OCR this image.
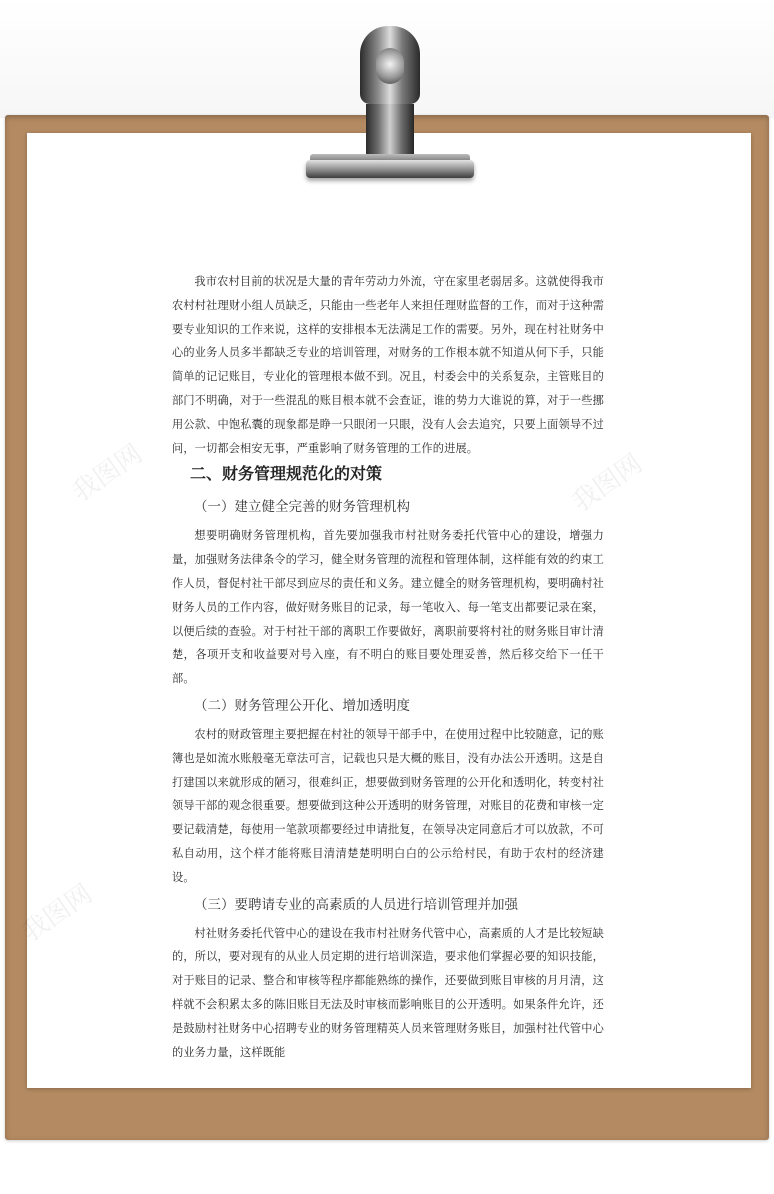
我图网	我图网
我图网

我市农村目前的状况是大量的青年劳动力外流，守在家里老弱居多。这就使得我市农村村社理财小组人员缺乏，只能由一些老年人来担任理财监督的工作，而对于这种需要专业知识的工作来说，这样的安排根本无法满足工作的需要。另外，现在村社财务中心的业务人员多半都缺乏专业的培训管理，对财务的工作根本就不知道从何下手，只能简单的记记账目，专业化的管理根本做不到。况且，村委会中的关系复杂，主管账目的部门不明确，对于一些混乱的账目根本就不会查证，谁的势力大谁说的算，对于一些挪用公款、中饱私囊的现象都是睁一只眼闭一只眼，没有人会去追究，只要上面领导不过问，一切都会相安无事，严重影响了财务管理的工作的进展。

二、财务管理规范化的对策
（一）建立健全完善的财务管理机构

想要明确财务管理机构，首先要加强我市村社财务委托代管中心的建设，增强力量，加强财务法律条令的学习，健全财务管理的流程和管理体制，这样能有效的约束工作人员，督促村社干部尽到应尽的责任和义务。建立健全的财务管理机构，要明确村社财务人员的工作内容，做好财务账目的记录，每一笔收入、每一笔支出都要记录在案，以便后续的查验。对于村社干部的离职工作要做好，离职前要将村社的财务账目审计清楚，各项开支和收益要对号入座，有不明白的账目要处理妥善，然后移交给下一任干部。

（二）财务管理公开化、增加透明度

农村的财政管理主要把握在村社的领导干部手中，在使用过程中比较随意，记的账簿也是如流水账般毫无章法可言，记载也只是大概的账目，没有办法公开透明。这是自打建国以来就形成的陋习，很难纠正，想要做到财务管理的公开化和透明化，转变村社领导干部的观念很重要。想要做到这种公开透明的财务管理，对账目的花费和审核一定要记载清楚，每使用一笔款项都要经过申请批复，在领导决定同意后才可以放款，不可私自动用，这个样才能将账目清清楚楚明明白白的公示给村民，有助于农村的经济建设。

（三）要聘请专业的高素质的人员进行培训管理并加强

村社财务委托代管中心的建设在我市村社财务代管中心，高素质的人才是比较短缺的，所以，要对现有的从业人员定期的进行培训深造，要求他们掌握必要的知识技能，对于账目的记录、整合和审核等程序都能熟练的操作，还要做到账目审核的月月清，这样就不会积累太多的陈旧账目无法及时审核而影响账目的公开透明。如果条件允许，还是鼓励村社财务中心招聘专业的财务管理精英人员来管理财务账目，加强村社代管中心的业务力量，这样既能
